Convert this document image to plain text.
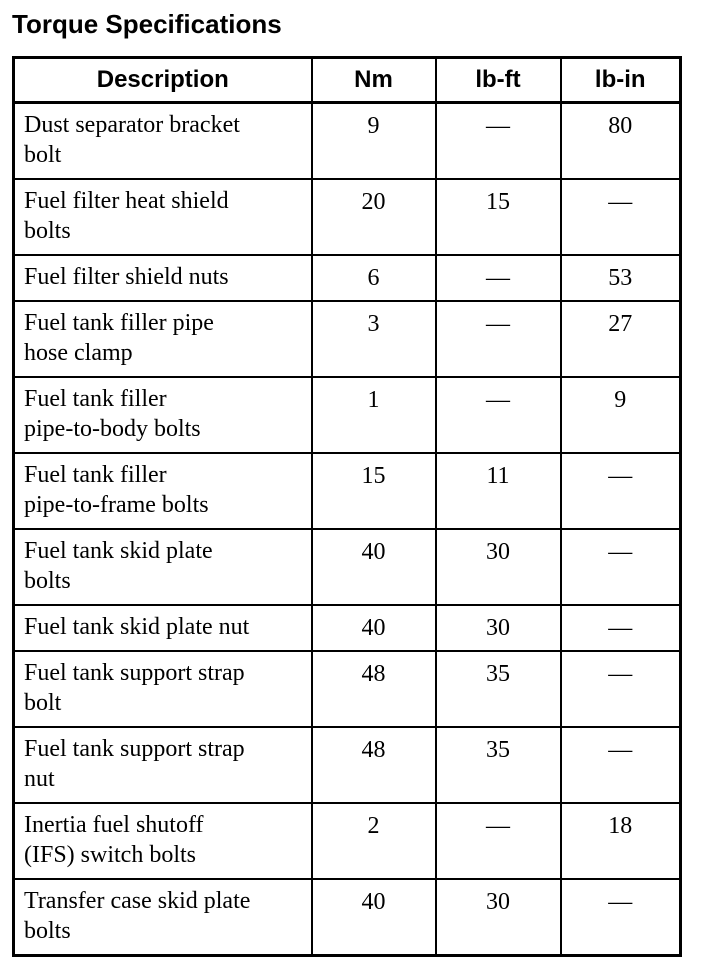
Torque Specifications
Description	Nm	lb-ft	lb-in
Dust separator bracket
bolt	9	—	80
Fuel filter heat shield
bolts	20	15	—
Fuel filter shield nuts	6	—	53
Fuel tank filler pipe
hose clamp	3	—	27
Fuel tank filler
pipe-to-body bolts	1	—	9
Fuel tank filler
pipe-to-frame bolts	15	11	—
Fuel tank skid plate
bolts	40	30	—
Fuel tank skid plate nut	40	30	—
Fuel tank support strap
bolt	48	35	—
Fuel tank support strap
nut	48	35	—
Inertia fuel shutoff
(IFS) switch bolts	2	—	18
Transfer case skid plate
bolts	40	30	—
